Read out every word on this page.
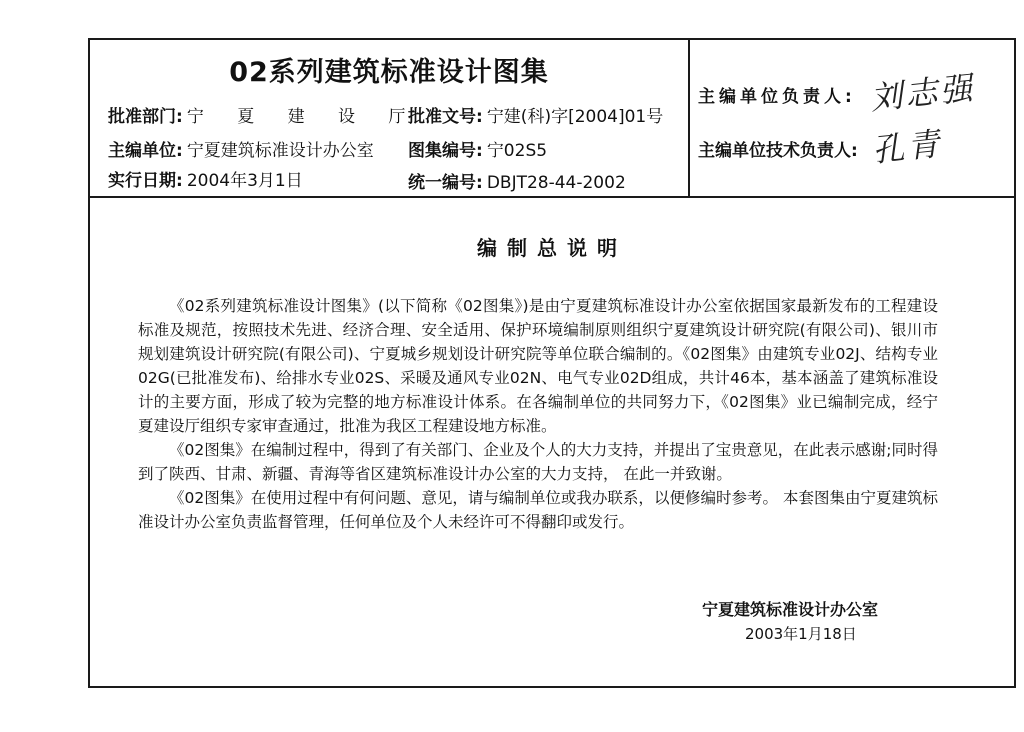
02系列建筑标准设计图集
批准部门: 宁 夏 建 设 厅
批准文号: 宁建(科)字[2004]01号
主编单位: 宁夏建筑标准设计办公室 图集编号: 宁02S5
实行日期: 2004年3月1日	统一编号: DBJT28-44-2002
主编单位负责人: 刘志强
主编单位技术负责人: 孔青
编制总说明

《02系列建筑标准设计图集》(以下简称《02图集》)是由宁夏建筑标准设计办公室依据国家最新发布的工程建设标准及规范，按照技术先进、经济合理、安全适用、保护环境编制原则组织宁夏建筑设计研究院(有限公司)、银川市规划建筑设计研究院(有限公司)、宁夏城乡规划设计研究院等单位联合编制的。《02图集》由建筑专业02J、结构专业02G(已批准发布)、给排水专业02S、采暖及通风专业02N、电气专业02D组成，共计46本，基本涵盖了建筑标准设计的主要方面，形成了较为完整的地方标准设计体系。在各编制单位的共同努力下，《02图集》业已编制完成，经宁夏建设厅组织专家审查通过，批准为我区工程建设地方标准。

《02图集》在编制过程中，得到了有关部门、企业及个人的大力支持，并提出了宝贵意见，在此表示感谢;同时得到了陕西、甘肃、新疆、青海等省区建筑标准设计办公室的大力支持， 在此一并致谢。

《02图集》在使用过程中有何问题、意见，请与编制单位或我办联系，以便修编时参考。 本套图集由宁夏建筑标准设计办公室负责监督管理，任何单位及个人未经许可不得翻印或发行。

宁夏建筑标准设计办公室
2003年1月18日
